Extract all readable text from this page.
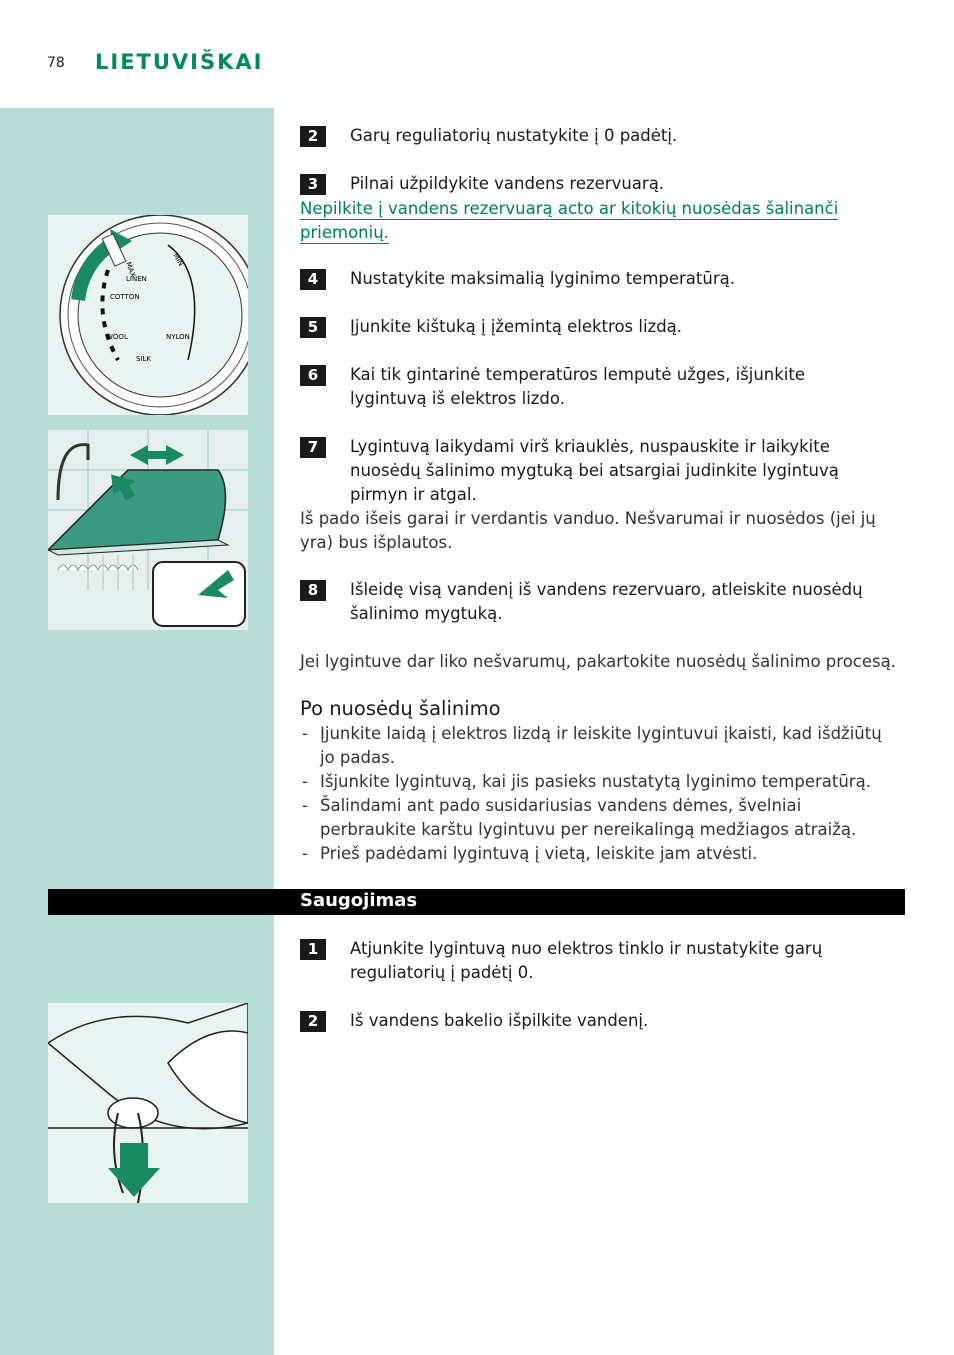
78 LIETUVIŠKAI
MAX
MIN
LINEN
COTTON
WOOL	NYLON
SILK
2	Garų reguliatorių nustatykite į 0 padėtį.
3	Pilnai užpildykite vandens rezervuarą.
Nepilkite į vandens rezervuarą acto ar kitokių nuosėdas šalinanči priemonių.
4	Nustatykite maksimalią lyginimo temperatūrą.
5	Įjunkite kištuką į įžemintą elektros lizdą.
6	Kai tik gintarinė temperatūros lemputė užges, išjunkite lygintuvą iš elektros lizdo.
7	Lygintuvą laikydami virš kriauklės, nuspauskite ir laikykite nuosėdų šalinimo mygtuką bei atsargiai judinkite lygintuvą pirmyn ir atgal.
Iš pado išeis garai ir verdantis vanduo. Nešvarumai ir nuosėdos (jei jų yra) bus išplautos.
8	Išleidę visą vandenį iš vandens rezervuaro, atleiskite nuosėdų šalinimo mygtuką.
Jei lygintuve dar liko nešvarumų, pakartokite nuosėdų šalinimo procesą.
Po nuosėdų šalinimo
- Įjunkite laidą į elektros lizdą ir leiskite lygintuvui įkaisti, kad išdžiūtų jo padas.
- Išjunkite lygintuvą, kai jis pasieks nustatytą lyginimo temperatūrą.
- Šalindami ant pado susidariusias vandens dėmes, švelniai perbraukite karštu lygintuvu per nereikalingą medžiagos atraižą.
- Prieš padėdami lygintuvą į vietą, leiskite jam atvėsti.
Saugojimas
1	Atjunkite lygintuvą nuo elektros tinklo ir nustatykite garų reguliatorių į padėtį 0.
2	Iš vandens bakelio išpilkite vandenį.
